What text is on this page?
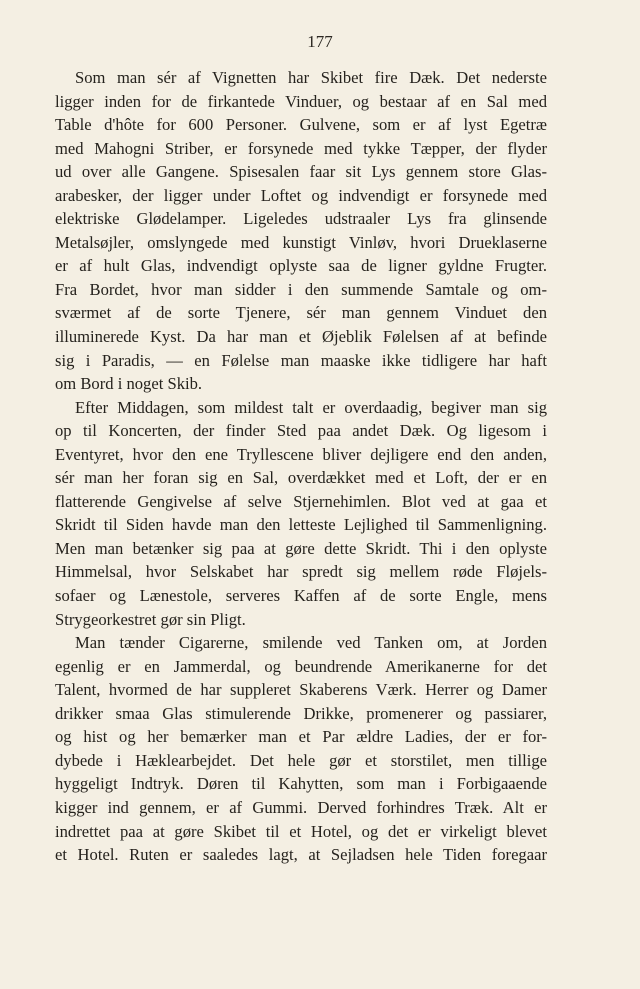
177
Som man sér af Vignetten har Skibet fire Dæk. Det nederste
ligger inden for de firkantede Vinduer, og bestaar af en Sal med
Table d'hôte for 600 Personer. Gulvene, som er af lyst Egetræ
med Mahogni Striber, er forsynede med tykke Tæpper, der flyder
ud over alle Gangene. Spisesalen faar sit Lys gennem store Glas-
arabesker, der ligger under Loftet og indvendigt er forsynede med
elektriske Glødelamper. Ligeledes udstraaler Lys fra glinsende
Metalsøjler, omslyngede med kunstigt Vinløv, hvori Drueklaserne
er af hult Glas, indvendigt oplyste saa de ligner gyldne Frugter.
Fra Bordet, hvor man sidder i den summende Samtale og om-
sværmet af de sorte Tjenere, sér man gennem Vinduet den
illuminerede Kyst. Da har man et Øjeblik Følelsen af at befinde
sig i Paradis, — en Følelse man maaske ikke tidligere har haft
om Bord i noget Skib.
Efter Middagen, som mildest talt er overdaadig, begiver man sig
op til Koncerten, der finder Sted paa andet Dæk. Og ligesom i
Eventyret, hvor den ene Tryllescene bliver dejligere end den anden,
sér man her foran sig en Sal, overdækket med et Loft, der er en
flatterende Gengivelse af selve Stjernehimlen. Blot ved at gaa et
Skridt til Siden havde man den letteste Lejlighed til Sammenligning.
Men man betænker sig paa at gøre dette Skridt. Thi i den oplyste
Himmelsal, hvor Selskabet har spredt sig mellem røde Fløjels-
sofaer og Lænestole, serveres Kaffen af de sorte Engle, mens
Strygeorkestret gør sin Pligt.
Man tænder Cigarerne, smilende ved Tanken om, at Jorden
egenlig er en Jammerdal, og beundrende Amerikanerne for det
Talent, hvormed de har suppleret Skaberens Værk. Herrer og Damer
drikker smaa Glas stimulerende Drikke, promenerer og passiarer,
og hist og her bemærker man et Par ældre Ladies, der er for-
dybede i Hæklearbejdet. Det hele gør et storstilet, men tillige
hyggeligt Indtryk. Døren til Kahytten, som man i Forbigaaende
kigger ind gennem, er af Gummi. Derved forhindres Træk. Alt er
indrettet paa at gøre Skibet til et Hotel, og det er virkeligt blevet
et Hotel. Ruten er saaledes lagt, at Sejladsen hele Tiden foregaar
